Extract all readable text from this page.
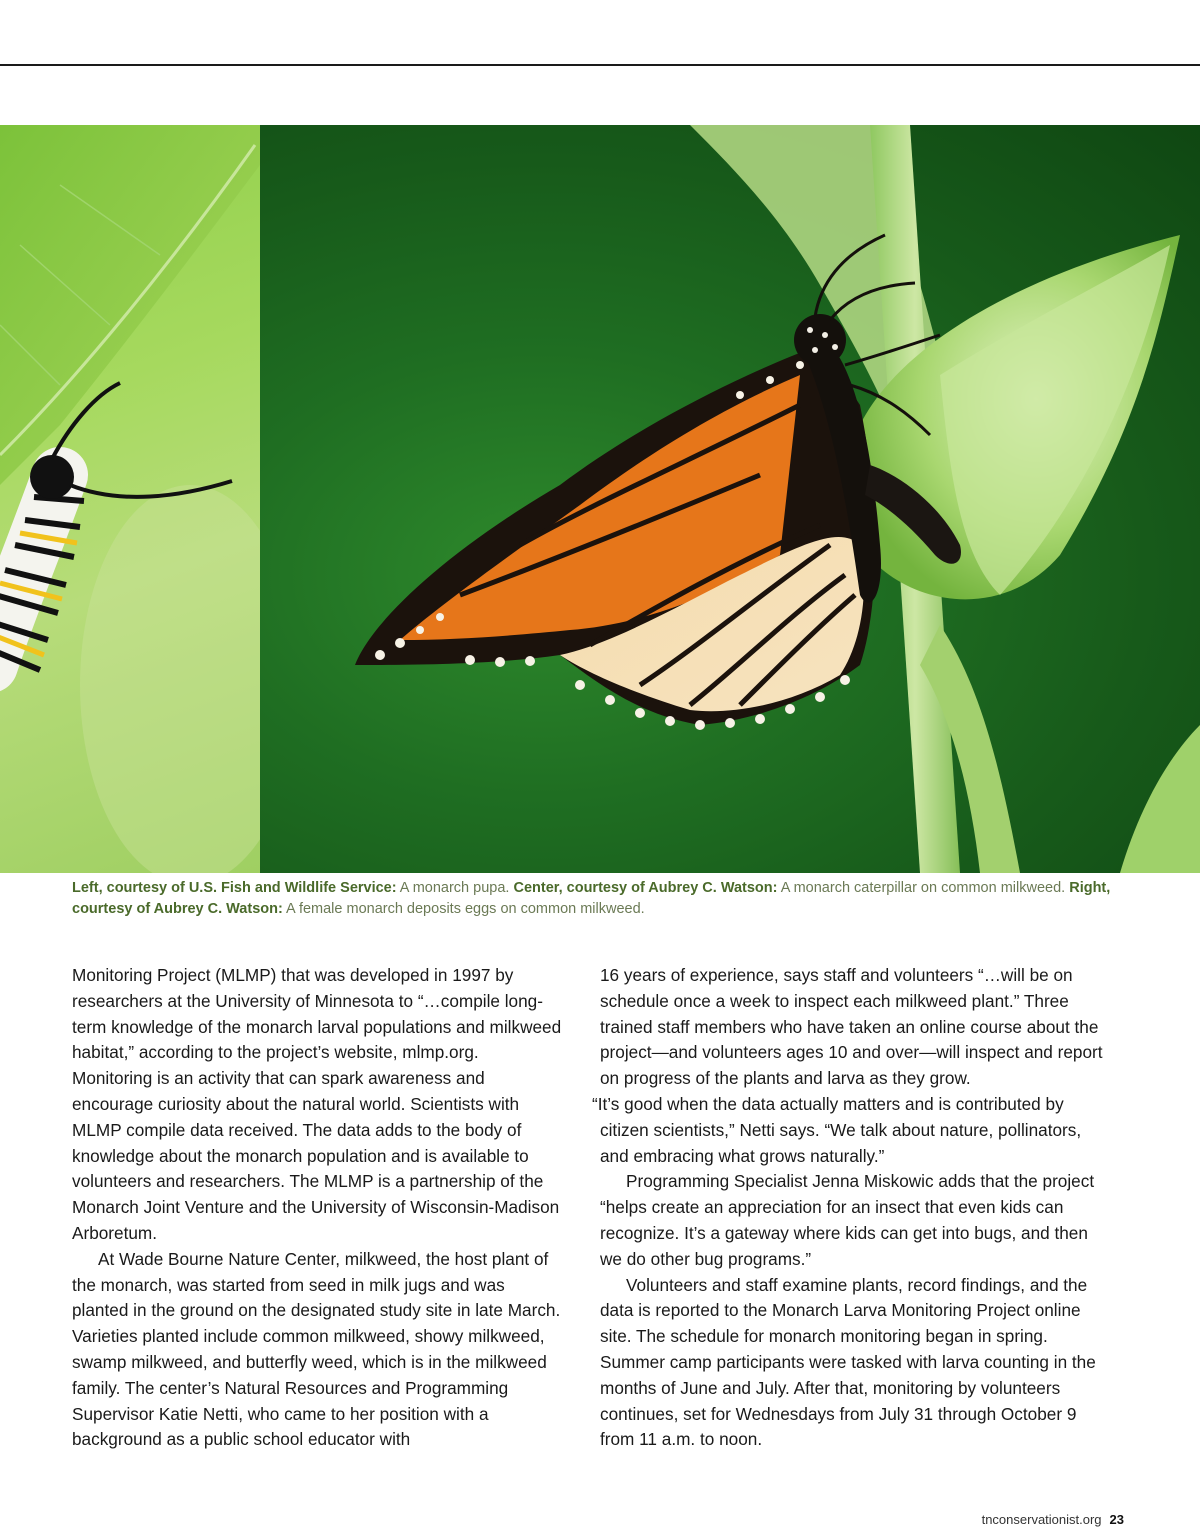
Left, courtesy of U.S. Fish and Wildlife Service: A monarch pupa. Center, courtesy of Aubrey C. Watson: A monarch caterpillar on common milkweed. Right, courtesy of Aubrey C. Watson: A female monarch deposits eggs on common milkweed.

Monitoring Project (MLMP) that was developed in 1997 by researchers at the University of Minnesota to “…compile long-term knowledge of the monarch larval populations and milkweed habitat,” according to the project’s website, mlmp.org. Monitoring is an activity that can spark awareness and encourage curiosity about the natural world. Scientists with MLMP compile data received. The data adds to the body of knowledge about the monarch population and is available to volunteers and researchers. The MLMP is a partnership of the Monarch Joint Venture and the University of Wisconsin-Madison Arboretum.

At Wade Bourne Nature Center, milkweed, the host plant of the monarch, was started from seed in milk jugs and was planted in the ground on the designated study site in late March. Varieties planted include common milkweed, showy milkweed, swamp milkweed, and butterfly weed, which is in the milkweed family. The center’s Natural Resources and Programming Supervisor Katie Netti, who came to her position with a background as a public school educator with

16 years of experience, says staff and volunteers “…will be on schedule once a week to inspect each milkweed plant.” Three trained staff members who have taken an online course about the project—and volunteers ages 10 and over—will inspect and report on progress of the plants and larva as they grow.

“It’s good when the data actually matters and is contributed by citizen scientists,” Netti says. “We talk about nature, pollinators, and embracing what grows naturally.”

Programming Specialist Jenna Miskowic adds that the project “helps create an appreciation for an insect that even kids can recognize. It’s a gateway where kids can get into bugs, and then we do other bug programs.”

Volunteers and staff examine plants, record findings, and the data is reported to the Monarch Larva Monitoring Project online site. The schedule for monarch monitoring began in spring. Summer camp participants were tasked with larva counting in the months of June and July. After that, monitoring by volunteers continues, set for Wednesdays from July 31 through October 9 from 11 a.m. to noon.

tnconservationist.org 23
